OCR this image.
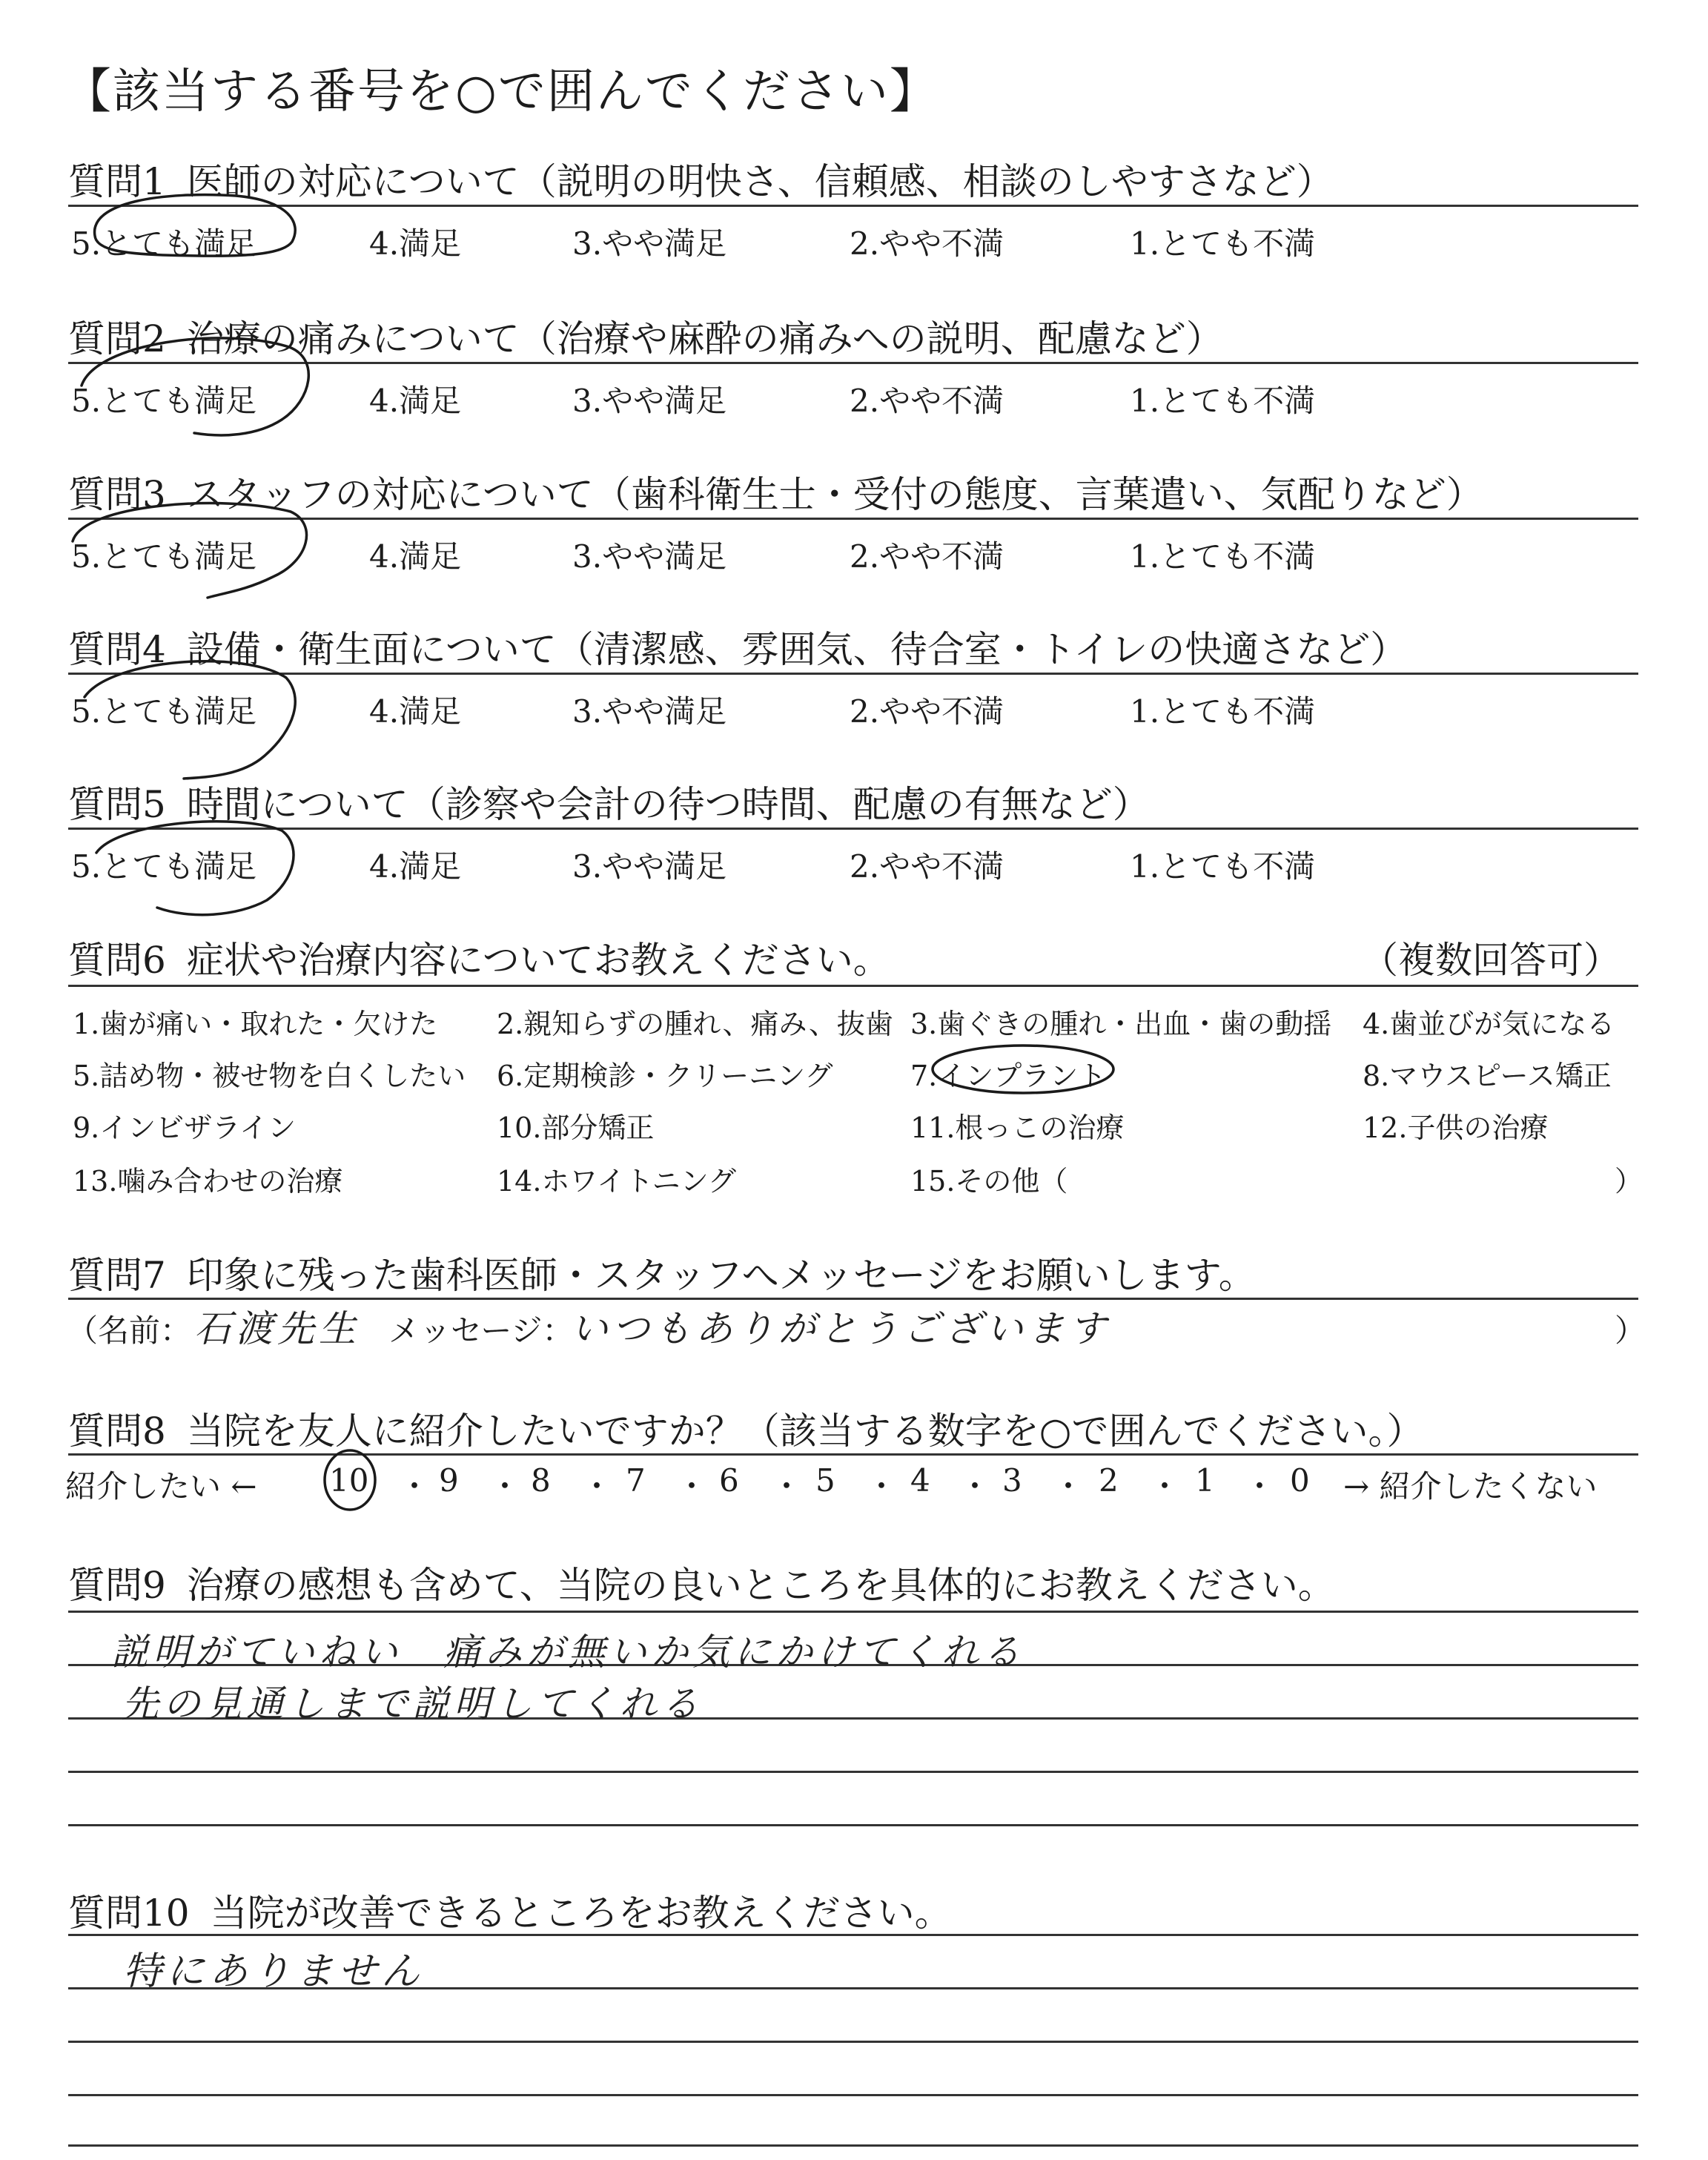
【該当する番号を○で囲んでください】
質問1 医師の対応について（説明の明快さ、信頼感、相談のしやすさなど）
5.とても満足	4.満足	3.やや満足	2.やや不満	1.とても不満
質問2 治療の痛みについて（治療や麻酔の痛みへの説明、配慮など）
5.とても満足	4.満足	3.やや満足	2.やや不満	1.とても不満
質問3 スタッフの対応について（歯科衛生士・受付の態度、言葉遣い、気配りなど）
5.とても満足	4.満足	3.やや満足	2.やや不満	1.とても不満
質問4 設備・衛生面について（清潔感、雰囲気、待合室・トイレの快適さなど）
5.とても満足	4.満足	3.やや満足	2.やや不満	1.とても不満
質問5 時間について（診察や会計の待つ時間、配慮の有無など）
5.とても満足	4.満足	3.やや満足	2.やや不満	1.とても不満
質問6 症状や治療内容についてお教えください。	（複数回答可）
1.歯が痛い・取れた・欠けた 2.親知らずの腫れ、痛み、抜歯 3.歯ぐきの腫れ・出血・歯の動揺 4.歯並びが気になる
5.詰め物・被せ物を白くしたい 6.定期検診・クリーニング	7.インプラント	8.マウスピース矯正
9.インビザライン	10.部分矯正	11.根っこの治療	12.子供の治療
13.噛み合わせの治療	14.ホワイトニング	15.その他（	）
質問7 印象に残った歯科医師・スタッフへメッセージをお願いします。
（名前： 石渡先生 メッセージ：
いつもありがとうございます	）
質問8 当院を友人に紹介したいですか？（該当する数字を○で囲んでください。）
紹介したい ← 10 ・ 9 ・ 8 ・ 7 ・ 6 ・ 5 ・ 4 ・ 3 ・ 2 ・ 1 ・ 0 → 紹介したくない
質問9 治療の感想も含めて、当院の良いところを具体的にお教えください。
説明がていねい　痛みが無いか気にかけてくれる
先の見通しまで説明してくれる
質問10 当院が改善できるところをお教えください。
特にありません
